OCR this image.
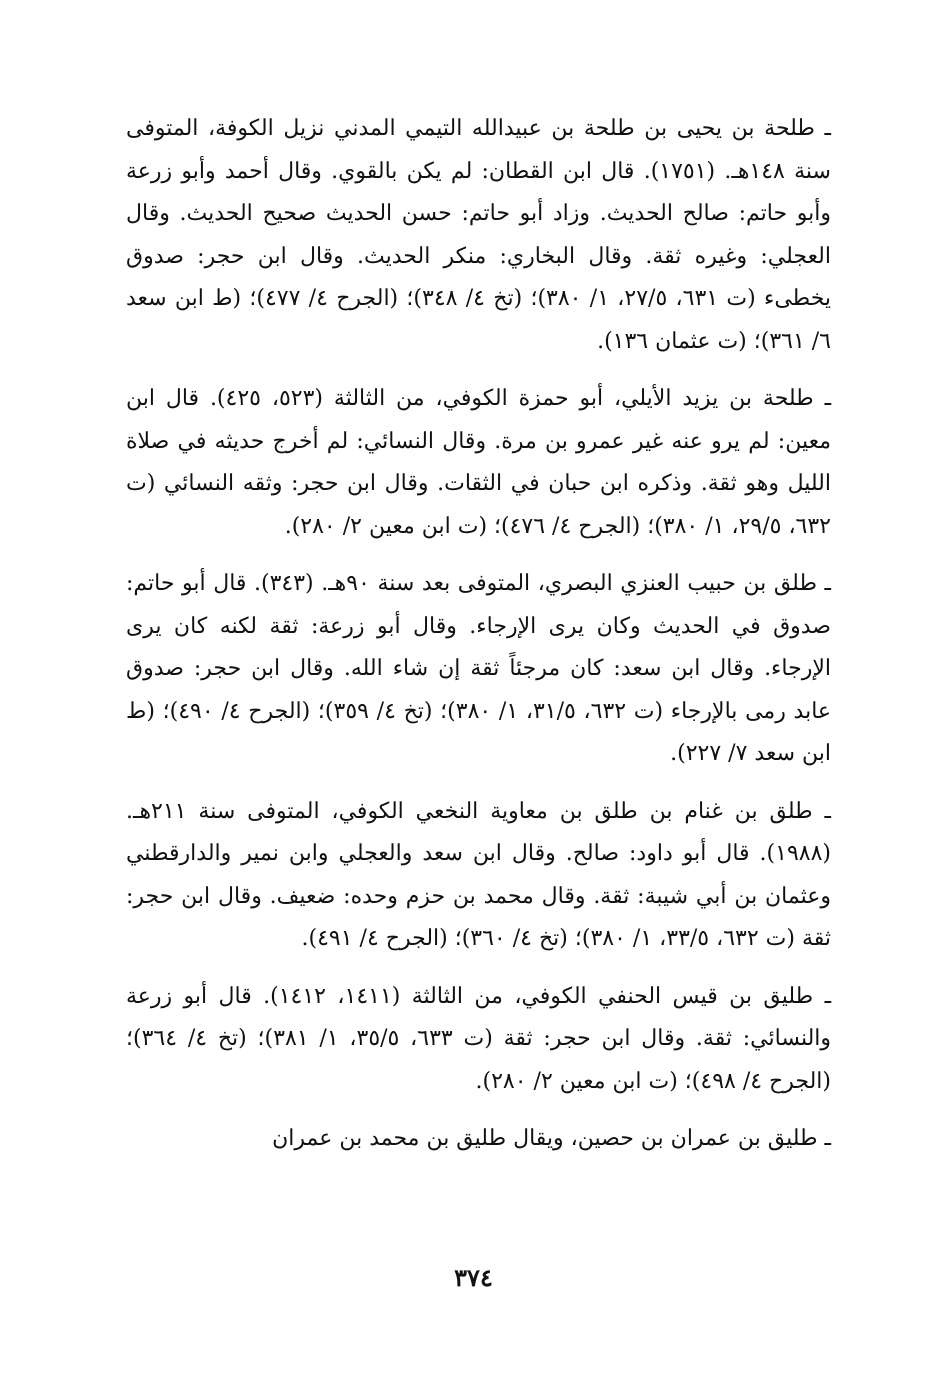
ـ طلحة بن يحيى بن طلحة بن عبيدالله التيمي المدني نزيل الكوفة، المتوفى سنة ١٤٨هـ. (١٧٥١). قال ابن القطان: لم يكن بالقوي. وقال أحمد وأبو زرعة وأبو حاتم: صالح الحديث. وزاد أبو حاتم: حسن الحديث صحيح الحديث. وقال العجلي: وغيره ثقة. وقال البخاري: منكر الحديث. وقال ابن حجر: صدوق يخطىء (ت ٦٣١، ٢٧/٥، ١/ ٣٨٠)؛ (تخ ٤/ ٣٤٨)؛ (الجرح ٤/ ٤٧٧)؛ (ط ابن سعد ٦/ ٣٦١)؛ (ت عثمان ١٣٦).

ـ طلحة بن يزيد الأيلي، أبو حمزة الكوفي، من الثالثة (٥٢٣، ٤٢٥). قال ابن معين: لم يرو عنه غير عمرو بن مرة. وقال النسائي: لم أخرج حديثه في صلاة الليل وهو ثقة. وذكره ابن حبان في الثقات. وقال ابن حجر: وثقه النسائي (ت ٦٣٢، ٢٩/٥، ١/ ٣٨٠)؛ (الجرح ٤/ ٤٧٦)؛ (ت ابن معين ٢/ ٢٨٠).

ـ طلق بن حبيب العنزي البصري، المتوفى بعد سنة ٩٠هـ. (٣٤٣). قال أبو حاتم: صدوق في الحديث وكان يرى الإرجاء. وقال أبو زرعة: ثقة لكنه كان يرى الإرجاء. وقال ابن سعد: كان مرجئاً ثقة إن شاء الله. وقال ابن حجر: صدوق عابد رمى بالإرجاء (ت ٦٣٢، ٣١/٥، ١/ ٣٨٠)؛ (تخ ٤/ ٣٥٩)؛ (الجرح ٤/ ٤٩٠)؛ (ط ابن سعد ٧/ ٢٢٧).

ـ طلق بن غنام بن طلق بن معاوية النخعي الكوفي، المتوفى سنة ٢١١هـ. (١٩٨٨). قال أبو داود: صالح. وقال ابن سعد والعجلي وابن نمير والدارقطني وعثمان بن أبي شيبة: ثقة. وقال محمد بن حزم وحده: ضعيف. وقال ابن حجر: ثقة (ت ٦٣٢، ٣٣/٥، ١/ ٣٨٠)؛ (تخ ٤/ ٣٦٠)؛ (الجرح ٤/ ٤٩١).

ـ طليق بن قيس الحنفي الكوفي، من الثالثة (١٤١١، ١٤١٢). قال أبو زرعة والنسائي: ثقة. وقال ابن حجر: ثقة (ت ٦٣٣، ٣٥/٥، ١/ ٣٨١)؛ (تخ ٤/ ٣٦٤)؛ (الجرح ٤/ ٤٩٨)؛ (ت ابن معين ٢/ ٢٨٠).

ـ طليق بن عمران بن حصين، ويقال طليق بن محمد بن عمران

٣٧٤
